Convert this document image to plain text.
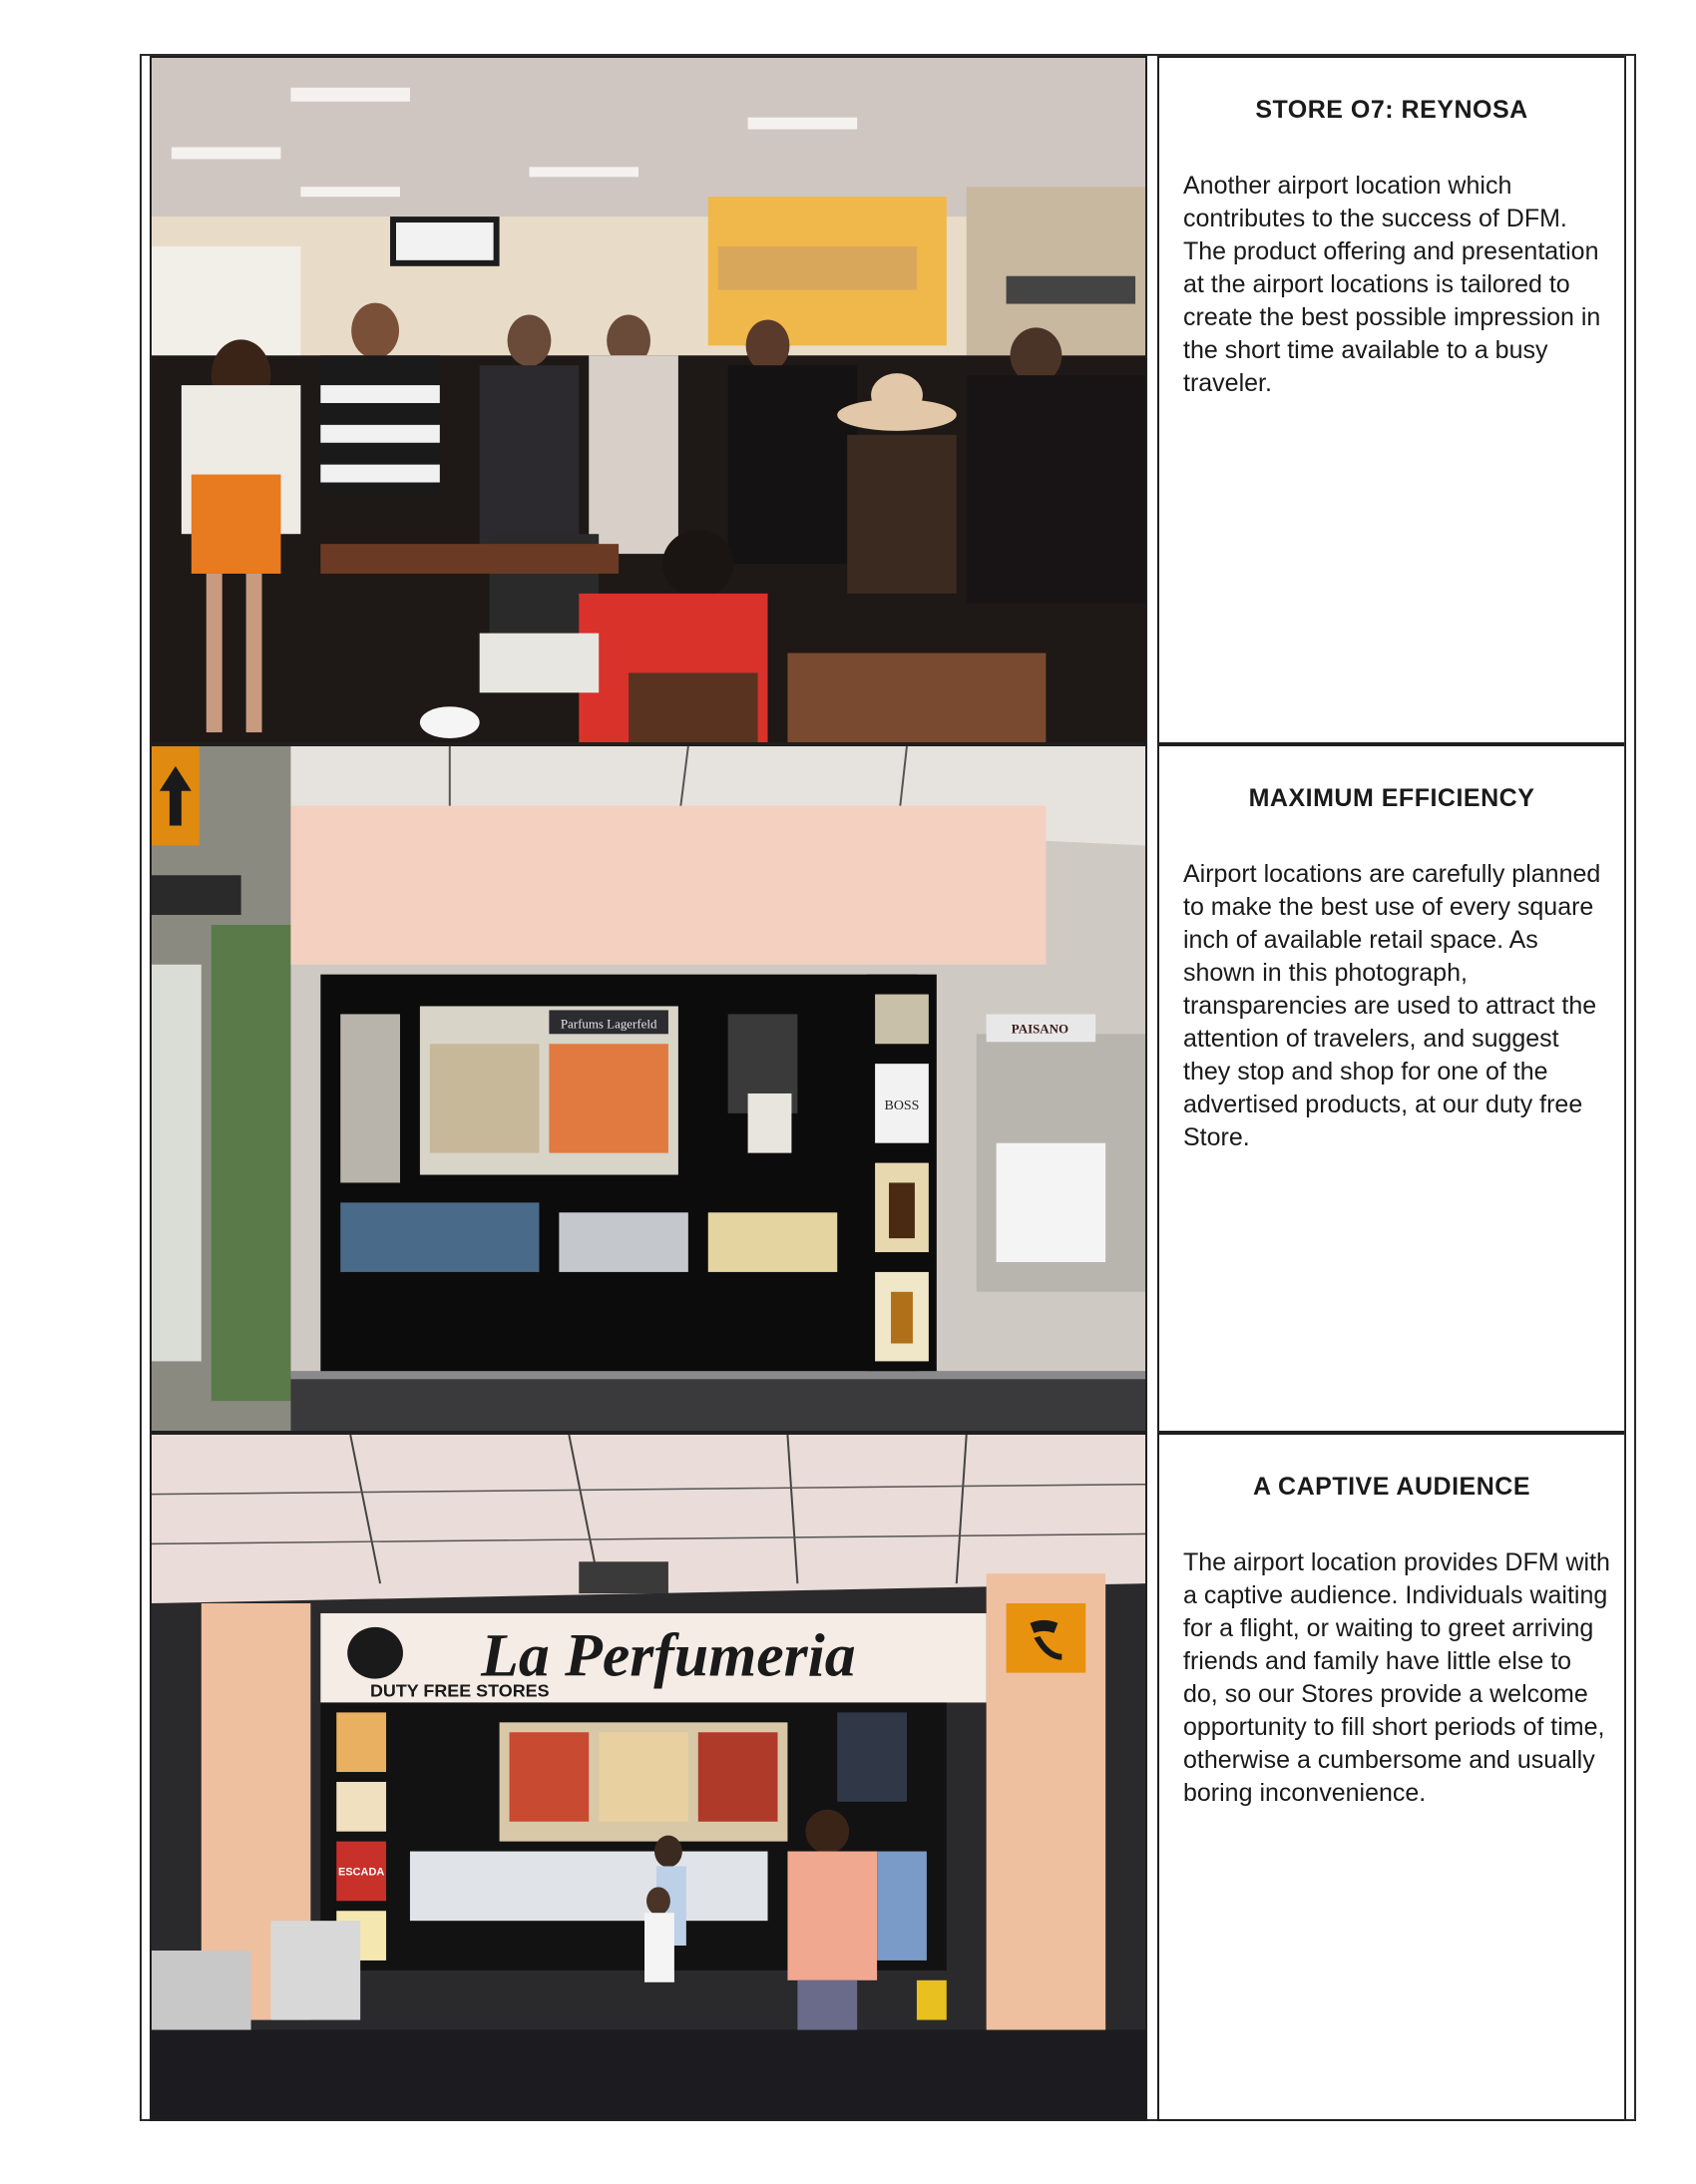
STORE O7: REYNOSA

Another airport location which contributes to the success of DFM. The product offering and presentation at the airport locations is tailored to create the best possible impression in the short time available to a busy traveler.

Parfums Lagerfeld
BOSS
PAISANO
MAXIMUM EFFICIENCY

Airport locations are carefully planned to make the best use of every square inch of available retail space. As shown in this photograph, transparencies are used to attract the attention of travelers, and suggest they stop and shop for one of the advertised products, at our duty free Store.

La Perfumeria
DUTY FREE STORES
ESCADA
A CAPTIVE AUDIENCE

The airport location provides DFM with a captive audience. Individuals waiting for a flight, or waiting to greet arriving friends and family have little else to do, so our Stores provide a welcome opportunity to fill short periods of time, otherwise a cumbersome and usually boring inconvenience.
